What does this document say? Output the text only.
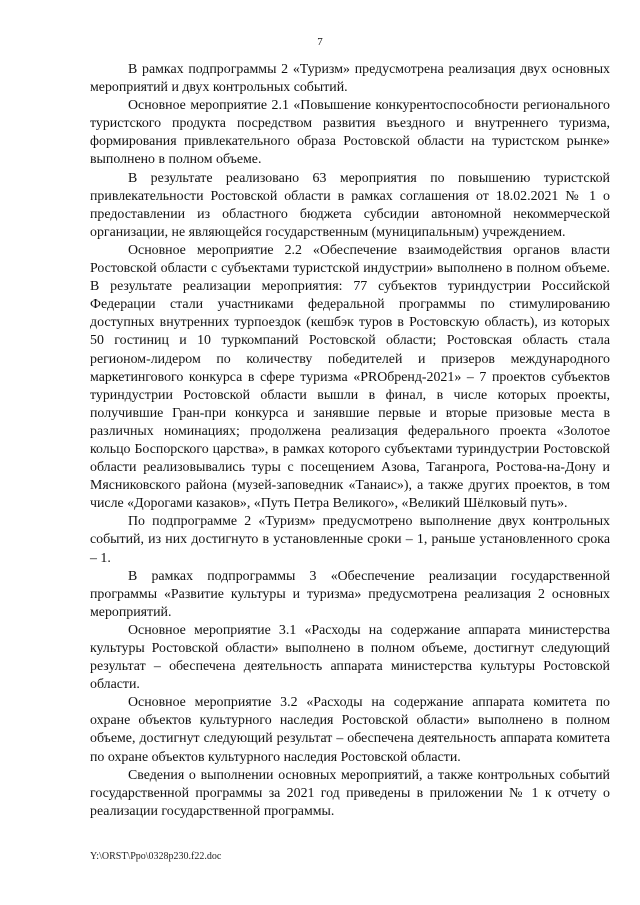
7

В рамках подпрограммы 2 «Туризм» предусмотрена реализация двух основных мероприятий и двух контрольных событий.

Основное мероприятие 2.1 «Повышение конкурентоспособности регионального туристского продукта посредством развития въездного и внутреннего туризма, формирования привлекательного образа Ростовской области на туристском рынке» выполнено в полном объеме.

В результате реализовано 63 мероприятия по повышению туристской привлекательности Ростовской области в рамках соглашения от 18.02.2021 № 1 о предоставлении из областного бюджета субсидии автономной некоммерческой организации, не являющейся государственным (муниципальным) учреждением.

Основное мероприятие 2.2 «Обеспечение взаимодействия органов власти Ростовской области с субъектами туристской индустрии» выполнено в полном объеме. В результате реализации мероприятия: 77 субъектов туриндустрии Российской Федерации стали участниками федеральной программы по стимулированию доступных внутренних турпоездок (кешбэк туров в Ростовскую область), из которых 50 гостиниц и 10 туркомпаний Ростовской области; Ростовская область стала регионом-лидером по количеству победителей и призеров международного маркетингового конкурса в сфере туризма «PROбренд-2021» – 7 проектов субъектов туриндустрии Ростовской области вышли в финал, в числе которых проекты, получившие Гран-при конкурса и занявшие первые и вторые призовые места в различных номинациях; продолжена реализация федерального проекта «Золотое кольцо Боспорского царства», в рамках которого субъектами туриндустрии Ростовской области реализовывались туры с посещением Азова, Таганрога, Ростова-на-Дону и Мясниковского района (музей-заповедник «Танаис»), а также других проектов, в том числе «Дорогами казаков», «Путь Петра Великого», «Великий Шёлковый путь».

По подпрограмме 2 «Туризм» предусмотрено выполнение двух контрольных событий, из них достигнуто в установленные сроки – 1, раньше установленного срока – 1.

В рамках подпрограммы 3 «Обеспечение реализации государственной программы «Развитие культуры и туризма» предусмотрена реализация 2 основных мероприятий.

Основное мероприятие 3.1 «Расходы на содержание аппарата министерства культуры Ростовской области» выполнено в полном объеме, достигнут следующий результат – обеспечена деятельность аппарата министерства культуры Ростовской области.

Основное мероприятие 3.2 «Расходы на содержание аппарата комитета по охране объектов культурного наследия Ростовской области» выполнено в полном объеме, достигнут следующий результат – обеспечена деятельность аппарата комитета по охране объектов культурного наследия Ростовской области.

Сведения о выполнении основных мероприятий, а также контрольных событий государственной программы за 2021 год приведены в приложении № 1 к отчету о реализации государственной программы.

Y:\ORST\Ppo\0328p230.f22.doc
